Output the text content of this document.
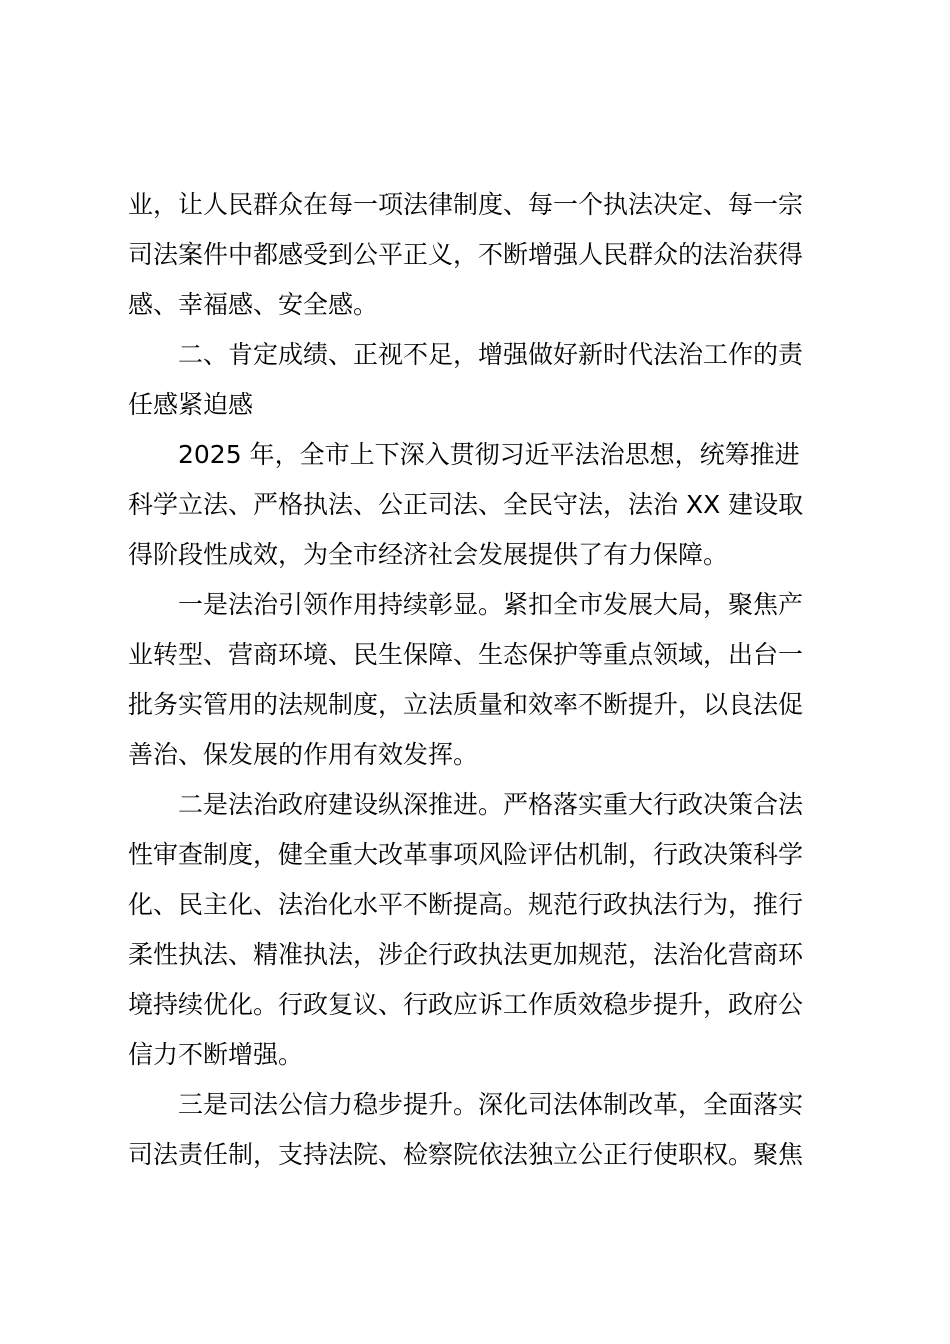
业，让人民群众在每一项法律制度、每一个执法决定、每一宗
司法案件中都感受到公平正义，不断增强人民群众的法治获得
感、幸福感、安全感。
二、肯定成绩、正视不足，增强做好新时代法治工作的责
任感紧迫感
2025 年，全市上下深入贯彻习近平法治思想，统筹推进
科学立法、严格执法、公正司法、全民守法，法治 XX 建设取
得阶段性成效，为全市经济社会发展提供了有力保障。
一是法治引领作用持续彰显。紧扣全市发展大局，聚焦产
业转型、营商环境、民生保障、生态保护等重点领域，出台一
批务实管用的法规制度，立法质量和效率不断提升，以良法促
善治、保发展的作用有效发挥。
二是法治政府建设纵深推进。严格落实重大行政决策合法
性审查制度，健全重大改革事项风险评估机制，行政决策科学
化、民主化、法治化水平不断提高。规范行政执法行为，推行
柔性执法、精准执法，涉企行政执法更加规范，法治化营商环
境持续优化。行政复议、行政应诉工作质效稳步提升，政府公
信力不断增强。
三是司法公信力稳步提升。深化司法体制改革，全面落实
司法责任制，支持法院、检察院依法独立公正行使职权。聚焦
